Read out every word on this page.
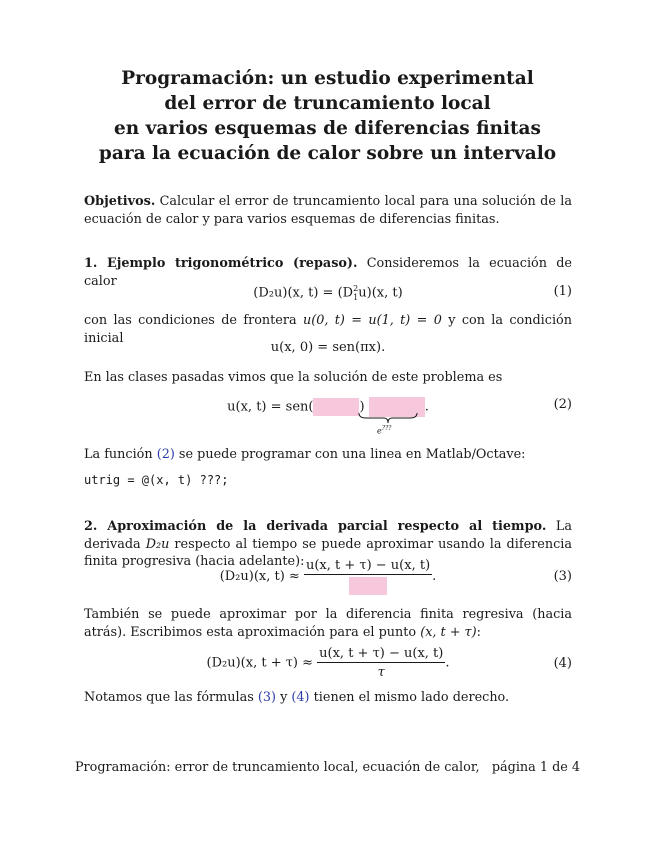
Programación: un estudio experimental
del error de truncamiento local
en varios esquemas de diferencias finitas
para la ecuación de calor sobre un intervalo
Objetivos. Calcular el error de truncamiento local para una solución de la ecuación de calor y para varios esquemas de diferencias finitas.
1. Ejemplo trigonométrico (repaso). Consideremos la ecuación de calor
(D₂u)(x, $t) = (D^2_1u)(x$, t)	(1)
con las condiciones de frontera u(0, t) = u(1, t) = 0 y con la condición inicial
u(x, 0) = sen(πx).
En las clases pasadas vimos que la solución de este problema es
u(x, t) = sen(	)	.	(2)
e???
La función (2) se puede programar con una linea en Matlab/Octave:
utrig = @(x, t) ???;
2. Aproximación de la derivada parcial respecto al tiempo. La derivada D₂u respecto al tiempo se puede aproximar usando la diferencia finita progresiva (hacia adelante):
(D₂u)(x, t) ≈
u(x, t + τ) − u(x, t)
.	(3)
También se puede aproximar por la diferencia finita regresiva (hacia atrás). Escribimos esta aproximación para el punto (x, t + τ):
(D₂u)(x, $t + \tau) \approx \frac{u(x, t + \tau) - u(x, t)}{\tau}$ .	(4)
Notamos que las fórmulas (3) y (4) tienen el mismo lado derecho.
Programación: error de truncamiento local, ecuación de calor, página 1 de 4
